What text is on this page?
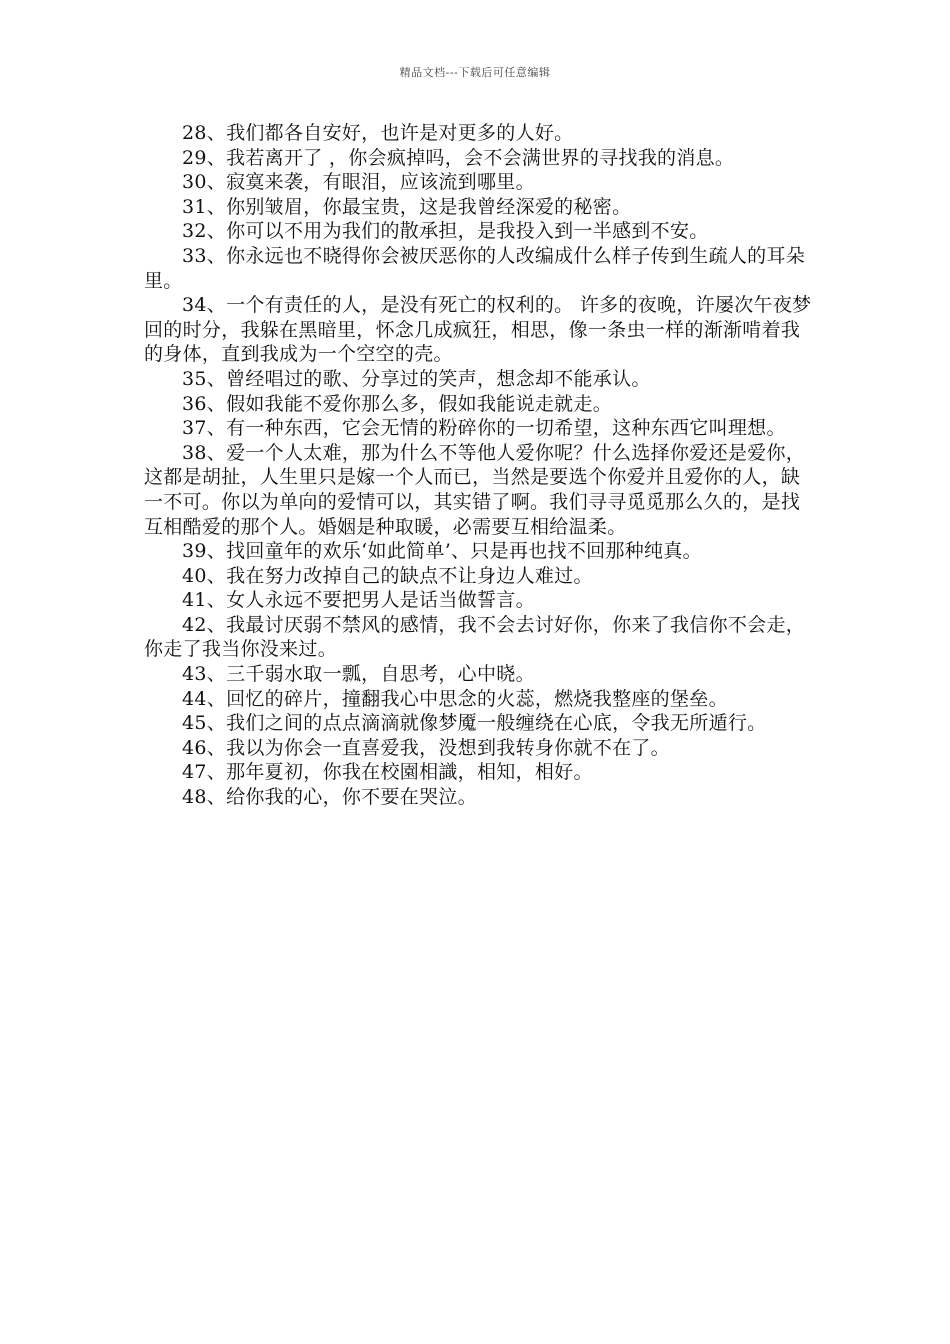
精品文档---下载后可任意编辑

28、我们都各自安好，也许是对更多的人好。

29、我若离开了 ，你会疯掉吗，会不会满世界的寻找我的消息。

30、寂寞来袭，有眼泪，应该流到哪里。

31、你别皱眉，你最宝贵，这是我曾经深爱的秘密。

32、你可以不用为我们的散承担，是我投入到一半感到不安。

33、你永远也不晓得你会被厌恶你的人改编成什么样子传到生疏人的耳朵里。

34、一个有责任的人，是没有死亡的权利的。 许多的夜晚，许屡次午夜梦回的时分，我躲在黑暗里，怀念几成疯狂，相思，像一条虫一样的渐渐啃着我的身体，直到我成为一个空空的壳。

35、曾经唱过的歌、分享过的笑声，想念却不能承认。

36、假如我能不爱你那么多，假如我能说走就走。

37、有一种东西，它会无情的粉碎你的一切希望，这种东西它叫理想。

38、爱一个人太难，那为什么不等他人爱你呢？什么选择你爱还是爱你，这都是胡扯，人生里只是嫁一个人而已，当然是要选个你爱并且爱你的人，缺一不可。你以为单向的爱情可以，其实错了啊。我们寻寻觅觅那么久的，是找互相酷爱的那个人。婚姻是种取暖，必需要互相给温柔。

39、找回童年的欢乐‘如此简单’、只是再也找不回那种纯真。

40、我在努力改掉自己的缺点不让身边人难过。

41、女人永远不要把男人是话当做誓言。

42、我最讨厌弱不禁风的感情，我不会去讨好你，你来了我信你不会走，你走了我当你没来过。

43、三千弱水取一瓢，自思考，心中晓。

44、回忆的碎片，撞翻我心中思念的火蕊，燃烧我整座的堡垒。

45、我们之间的点点滴滴就像梦魇一般缠绕在心底，令我无所遁行。

46、我以为你会一直喜爱我，没想到我转身你就不在了。

47、那年夏初，你我在校園相識，相知，相好。

48、给你我的心，你不要在哭泣。
